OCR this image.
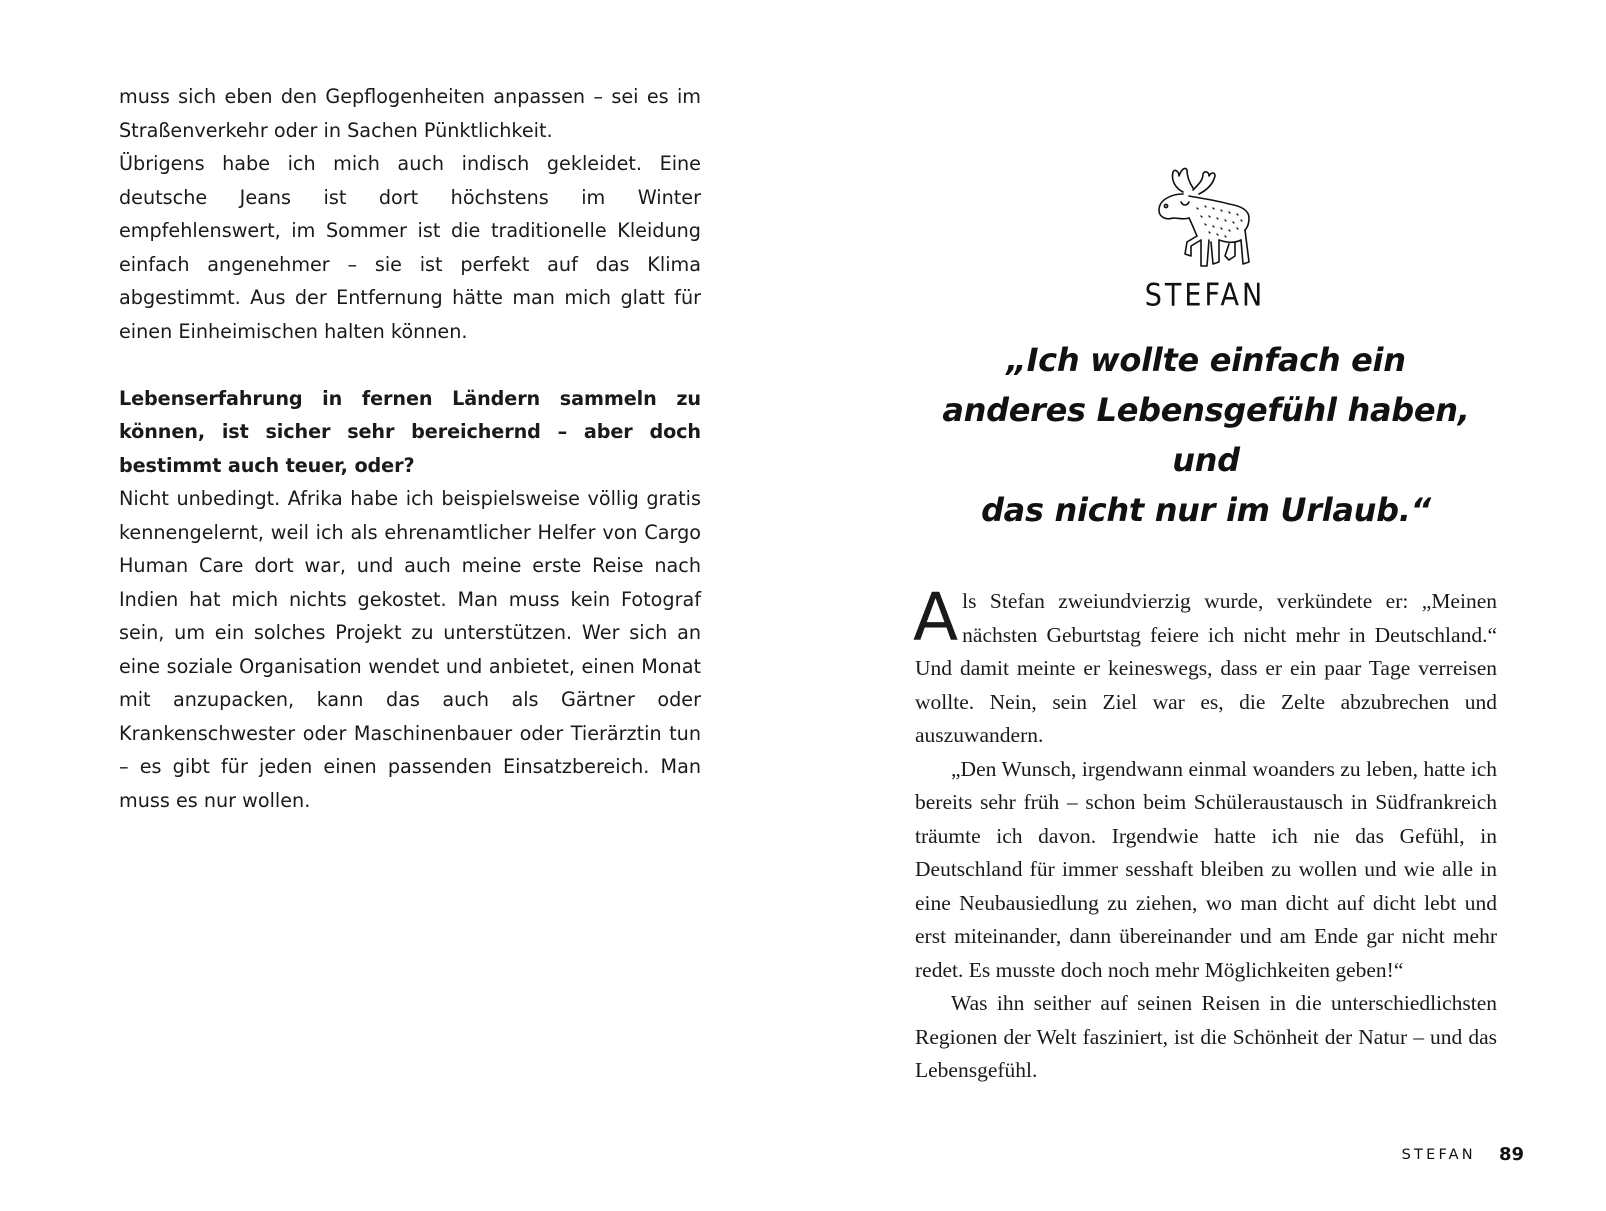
muss sich eben den Gepflogenheiten anpassen – sei es im Straßenverkehr oder in Sachen Pünktlichkeit.

Übrigens habe ich mich auch indisch gekleidet. Eine deutsche Jeans ist dort höchstens im Winter empfehlenswert, im Sommer ist die traditionelle Kleidung einfach angenehmer – sie ist perfekt auf das Klima abgestimmt. Aus der Entfernung hätte man mich glatt für einen Einheimischen halten können.

Lebenserfahrung in fernen Ländern sammeln zu können, ist sicher sehr bereichernd – aber doch bestimmt auch teuer, oder?

Nicht unbedingt. Afrika habe ich beispielsweise völlig gratis kennengelernt, weil ich als ehrenamtlicher Helfer von Cargo Human Care dort war, und auch meine erste Reise nach Indien hat mich nichts gekostet. Man muss kein Fotograf sein, um ein solches Projekt zu unterstützen. Wer sich an eine soziale Organisation wendet und anbietet, einen Monat mit anzupacken, kann das auch als Gärtner oder Krankenschwester oder Maschinenbauer oder Tierärztin tun – es gibt für jeden einen passenden Einsatzbereich. Man muss es nur wollen.

STEFAN
„Ich wollte einfach ein
anderes Lebensgefühl haben, und
das nicht nur im Urlaub.“

Als Stefan zweiundvierzig wurde, verkündete er: „Meinen nächsten Geburtstag feiere ich nicht mehr in Deutschland.“ Und damit meinte er keineswegs, dass er ein paar Tage verreisen wollte. Nein, sein Ziel war es, die Zelte abzubrechen und auszuwandern.

„Den Wunsch, irgendwann einmal woanders zu leben, hatte ich bereits sehr früh – schon beim Schüleraustausch in Südfrankreich träumte ich davon. Irgendwie hatte ich nie das Gefühl, in Deutschland für immer sesshaft bleiben zu wollen und wie alle in eine Neubausiedlung zu ziehen, wo man dicht auf dicht lebt und erst miteinander, dann übereinander und am Ende gar nicht mehr redet. Es musste doch noch mehr Möglichkeiten geben!“

Was ihn seither auf seinen Reisen in die unterschiedlichsten Regionen der Welt fasziniert, ist die Schönheit der Natur – und das Lebensgefühl.

STEFAN 89
